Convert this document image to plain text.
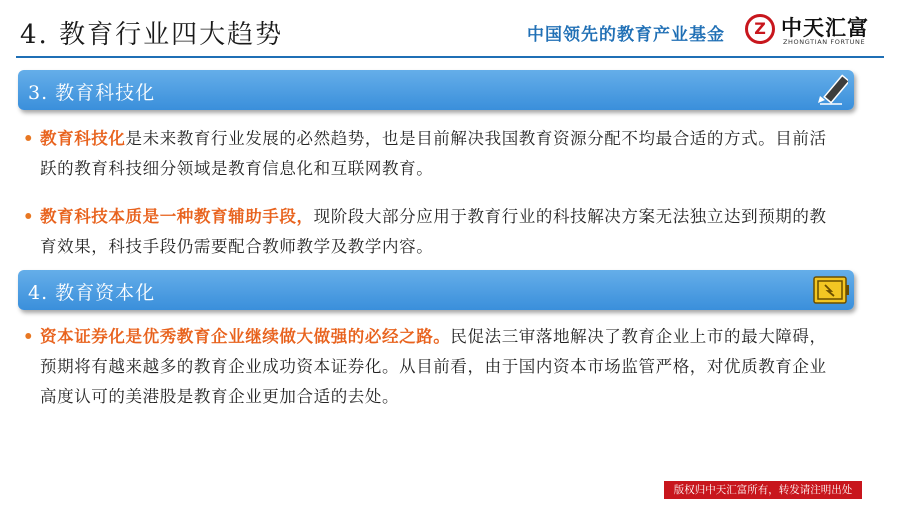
4. 教育行业四大趋势	中国领先的教育产业基金	Z 中天汇富
ZHONGTIAN FORTUNE
3. 教育科技化
• 教育科技化是未来教育行业发展的必然趋势，也是目前解决我国教育资源分配不均最合适的方式。目前活跃的教育科技细分领域是教育信息化和互联网教育。
• 教育科技本质是一种教育辅助手段，现阶段大部分应用于教育行业的科技解决方案无法独立达到预期的教育效果，科技手段仍需要配合教师教学及教学内容。
4. 教育资本化
• 资本证券化是优秀教育企业继续做大做强的必经之路。民促法三审落地解决了教育企业上市的最大障碍，预期将有越来越多的教育企业成功资本证券化。从目前看，由于国内资本市场监管严格，对优质教育企业高度认可的美港股是教育企业更加合适的去处。
版权归中天汇富所有，转发请注明出处
